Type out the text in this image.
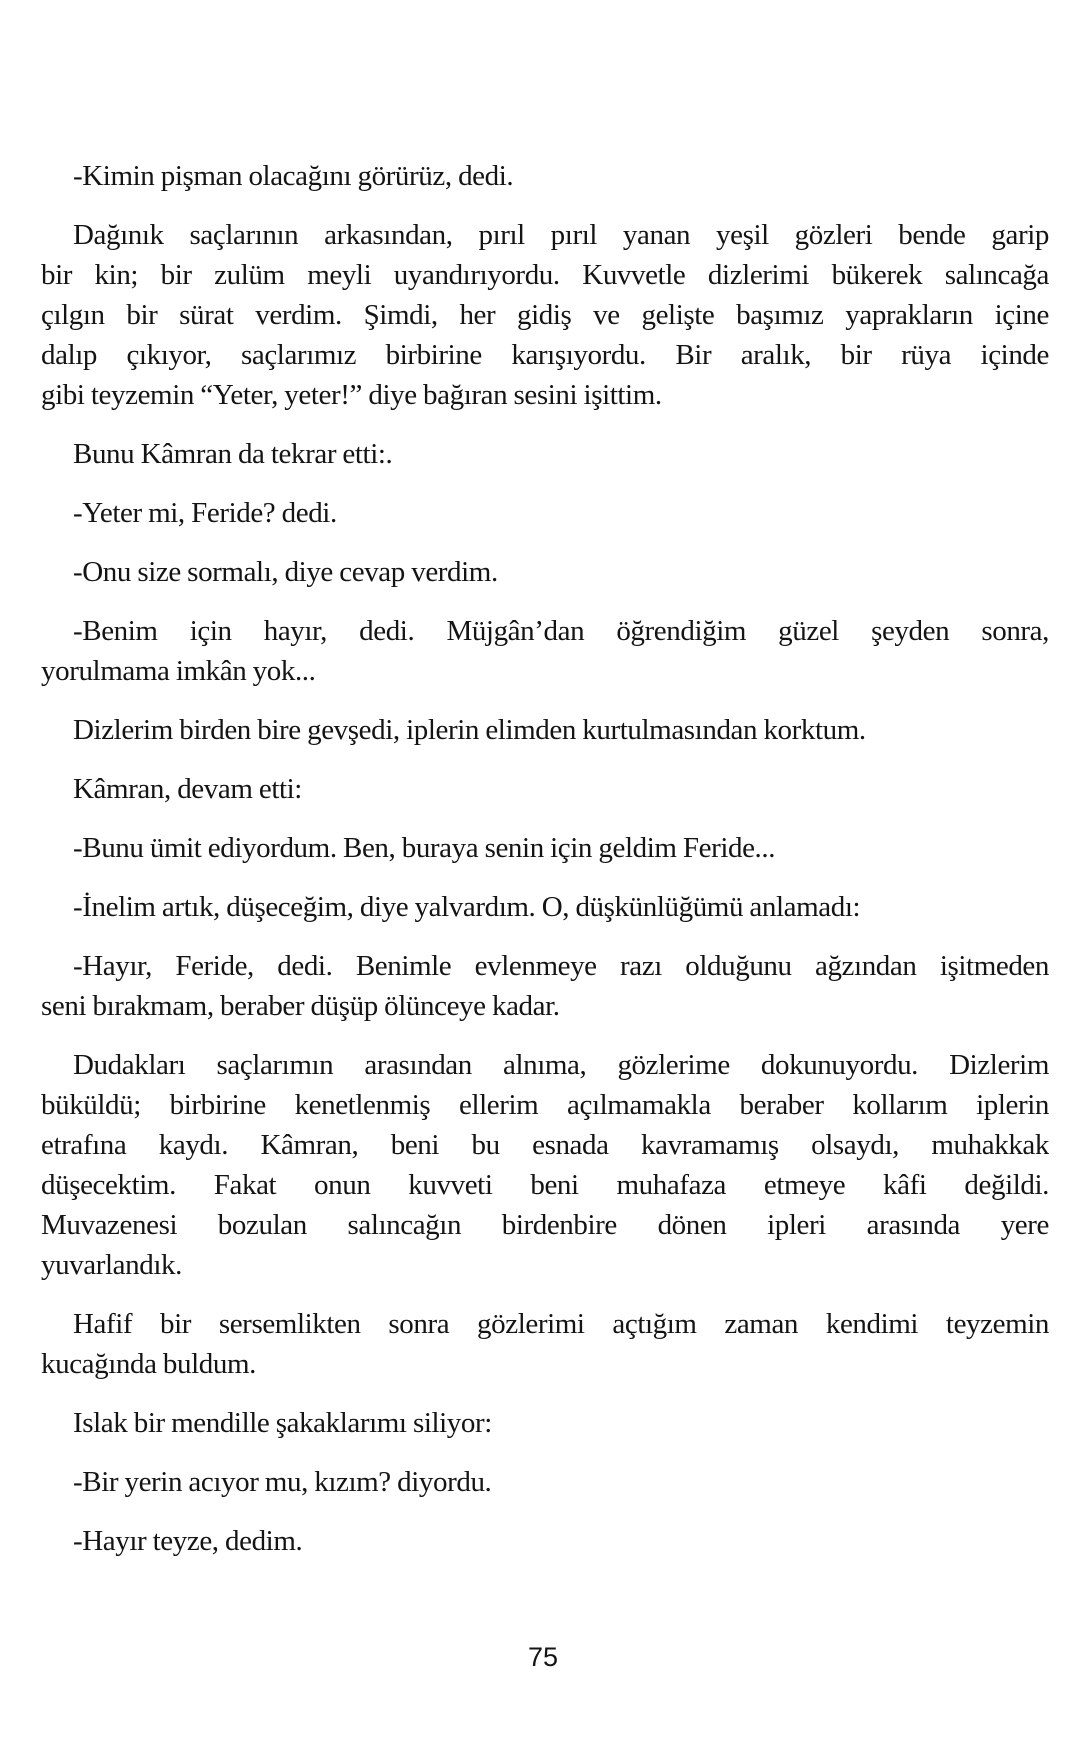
-Kimin pişman olacağını görürüz, dedi.
Dağınık saçlarının arkasından, pırıl pırıl yanan yeşil gözleri bende garip
bir kin; bir zulüm meyli uyandırıyordu. Kuvvetle dizlerimi bükerek salıncağa
çılgın bir sürat verdim. Şimdi, her gidiş ve gelişte başımız yaprakların içine
dalıp çıkıyor, saçlarımız birbirine karışıyordu. Bir aralık, bir rüya içinde
gibi teyzemin “Yeter, yeter!” diye bağıran sesini işittim.
Bunu Kâmran da tekrar etti:.
-Yeter mi, Feride? dedi.
-Onu size sormalı, diye cevap verdim.
-Benim için hayır, dedi. Müjgân’dan öğrendiğim güzel şeyden sonra,
yorulmama imkân yok...
Dizlerim birden bire gevşedi, iplerin elimden kurtulmasından korktum.
Kâmran, devam etti:
-Bunu ümit ediyordum. Ben, buraya senin için geldim Feride...
-İnelim artık, düşeceğim, diye yalvardım. O, düşkünlüğümü anlamadı:
-Hayır, Feride, dedi. Benimle evlenmeye razı olduğunu ağzından işitmeden
seni bırakmam, beraber düşüp ölünceye kadar.
Dudakları saçlarımın arasından alnıma, gözlerime dokunuyordu. Dizlerim
büküldü; birbirine kenetlenmiş ellerim açılmamakla beraber kollarım iplerin
etrafına kaydı. Kâmran, beni bu esnada kavramamış olsaydı, muhakkak
düşecektim. Fakat onun kuvveti beni muhafaza etmeye kâfi değildi.
Muvazenesi bozulan salıncağın birdenbire dönen ipleri arasında yere
yuvarlandık.
Hafif bir sersemlikten sonra gözlerimi açtığım zaman kendimi teyzemin
kucağında buldum.
Islak bir mendille şakaklarımı siliyor:
-Bir yerin acıyor mu, kızım? diyordu.
-Hayır teyze, dedim.
75
